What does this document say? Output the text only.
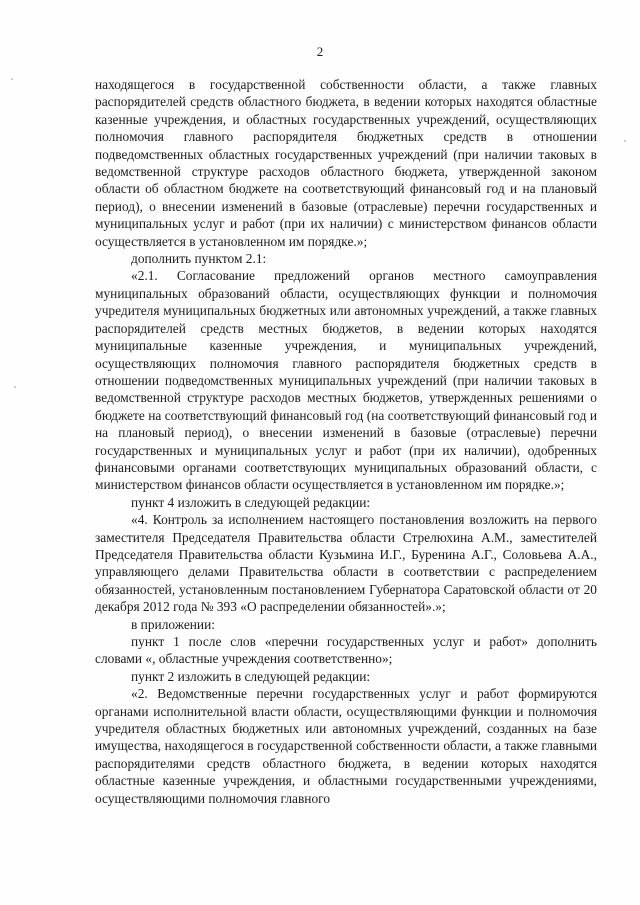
2

находящегося в государственной собственности области, а также главных распорядителей средств областного бюджета, в ведении которых находятся областные казенные учреждения, и областных государственных учреждений, осуществляющих полномочия главного распорядителя бюджетных средств в отношении подведомственных областных государственных учреждений (при наличии таковых в ведомственной структуре расходов областного бюджета, утвержденной законом области об областном бюджете на соответствующий финансовый год и на плановый период), о внесении изменений в базовые (отраслевые) перечни государственных и муниципальных услуг и работ (при их наличии) с министерством финансов области осуществляется в установленном им порядке.»;

дополнить пунктом 2.1:

«2.1. Согласование предложений органов местного самоуправления муниципальных образований области, осуществляющих функции и полномочия учредителя муниципальных бюджетных или автономных учреждений, а также главных распорядителей средств местных бюджетов, в ведении которых находятся муниципальные казенные учреждения, и муниципальных учреждений, осуществляющих полномочия главного распорядителя бюджетных средств в отношении подведомственных муниципальных учреждений (при наличии таковых в ведомственной структуре расходов местных бюджетов, утвержденных решениями о бюджете на соответствующий финансовый год (на соответствующий финансовый год и на плановый период), о внесении изменений в базовые (отраслевые) перечни государственных и муниципальных услуг и работ (при их наличии), одобренных финансовыми органами соответствующих муниципальных образований области, с министерством финансов области осуществляется в установленном им порядке.»;

пункт 4 изложить в следующей редакции:

«4. Контроль за исполнением настоящего постановления возложить на первого заместителя Председателя Правительства области Стрелюхина А.М., заместителей Председателя Правительства области Кузьмина И.Г., Буренина А.Г., Соловьева А.А., управляющего делами Правительства области в соответствии с распределением обязанностей, установленным постановлением Губернатора Саратовской области от 20 декабря 2012 года № 393 «О распределении обязанностей».»;

в приложении:

пункт 1 после слов «перечни государственных услуг и работ» дополнить словами «, областные учреждения соответственно»;

пункт 2 изложить в следующей редакции:

«2. Ведомственные перечни государственных услуг и работ формируются органами исполнительной власти области, осуществляющими функции и полномочия учредителя областных бюджетных или автономных учреждений, созданных на базе имущества, находящегося в государственной собственности области, а также главными распорядителями средств областного бюджета, в ведении которых находятся областные казенные учреждения, и областными государственными учреждениями, осуществляющими полномочия главного
